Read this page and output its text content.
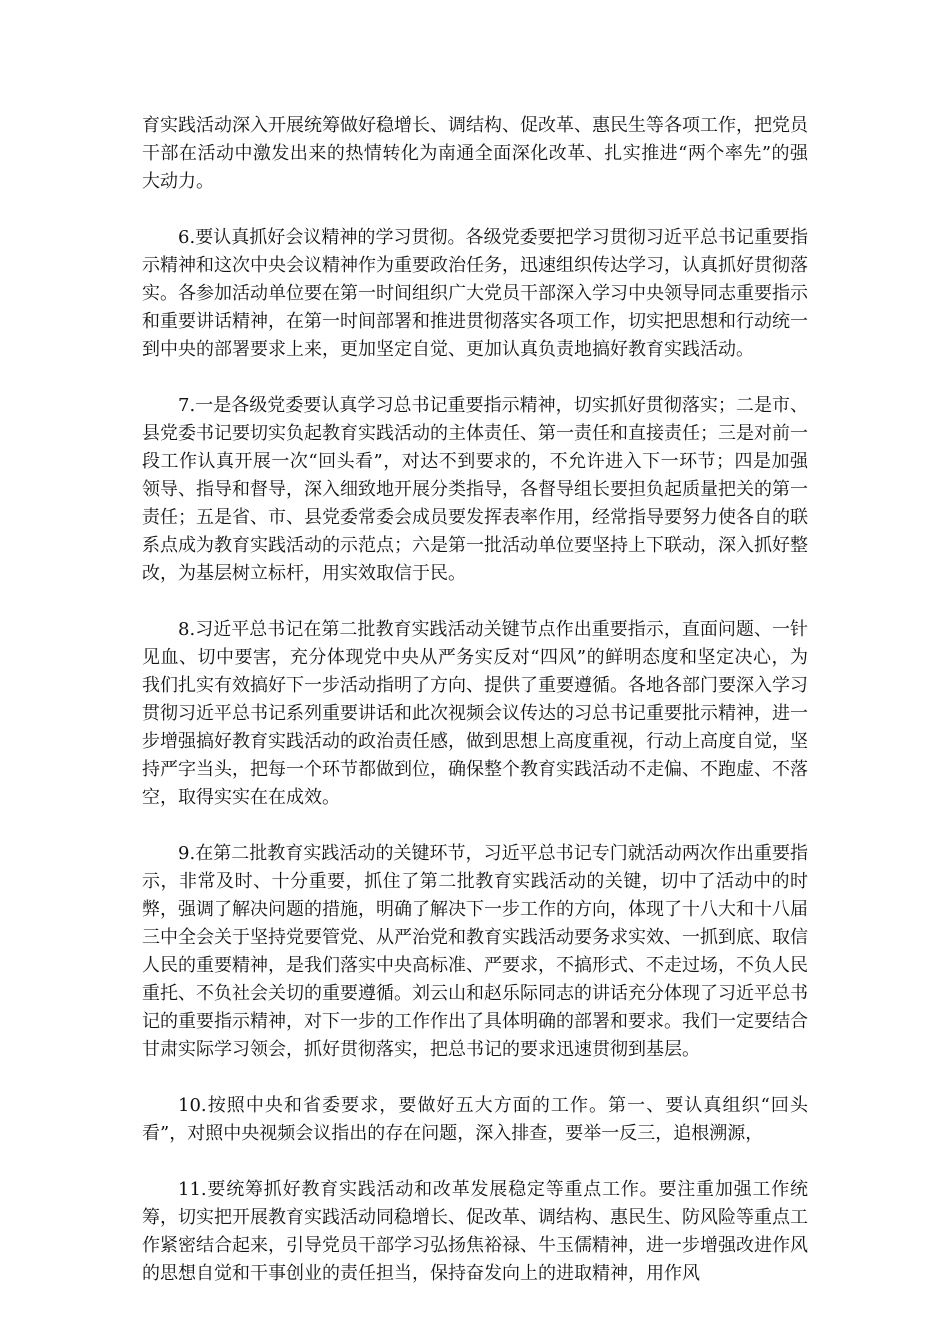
育实践活动深入开展统筹做好稳增长、调结构、促改革、惠民生等各项工作，把党员干部在活动中激发出来的热情转化为南通全面深化改革、扎实推进“两个率先”的强大动力。

6.要认真抓好会议精神的学习贯彻。各级党委要把学习贯彻习近平总书记重要指示精神和这次中央会议精神作为重要政治任务，迅速组织传达学习，认真抓好贯彻落实。各参加活动单位要在第一时间组织广大党员干部深入学习中央领导同志重要指示和重要讲话精神，在第一时间部署和推进贯彻落实各项工作，切实把思想和行动统一到中央的部署要求上来，更加坚定自觉、更加认真负责地搞好教育实践活动。

7.一是各级党委要认真学习总书记重要指示精神，切实抓好贯彻落实；二是市、县党委书记要切实负起教育实践活动的主体责任、第一责任和直接责任；三是对前一段工作认真开展一次“回头看”，对达不到要求的，不允许进入下一环节；四是加强领导、指导和督导，深入细致地开展分类指导，各督导组长要担负起质量把关的第一责任；五是省、市、县党委常委会成员要发挥表率作用，经常指导要努力使各自的联系点成为教育实践活动的示范点；六是第一批活动单位要坚持上下联动，深入抓好整改，为基层树立标杆，用实效取信于民。

8.习近平总书记在第二批教育实践活动关键节点作出重要指示，直面问题、一针见血、切中要害，充分体现党中央从严务实反对“四风”的鲜明态度和坚定决心，为我们扎实有效搞好下一步活动指明了方向、提供了重要遵循。各地各部门要深入学习贯彻习近平总书记系列重要讲话和此次视频会议传达的习总书记重要批示精神，进一步增强搞好教育实践活动的政治责任感，做到思想上高度重视，行动上高度自觉，坚持严字当头，把每一个环节都做到位，确保整个教育实践活动不走偏、不跑虚、不落空，取得实实在在成效。

9.在第二批教育实践活动的关键环节，习近平总书记专门就活动两次作出重要指示，非常及时、十分重要，抓住了第二批教育实践活动的关键，切中了活动中的时弊，强调了解决问题的措施，明确了解决下一步工作的方向，体现了十八大和十八届三中全会关于坚持党要管党、从严治党和教育实践活动要务求实效、一抓到底、取信人民的重要精神，是我们落实中央高标准、严要求，不搞形式、不走过场，不负人民重托、不负社会关切的重要遵循。刘云山和赵乐际同志的讲话充分体现了习近平总书记的重要指示精神，对下一步的工作作出了具体明确的部署和要求。我们一定要结合甘肃实际学习领会，抓好贯彻落实，把总书记的要求迅速贯彻到基层。

10.按照中央和省委要求，要做好五大方面的工作。第一、要认真组织“回头看”，对照中央视频会议指出的存在问题，深入排查，要举一反三，追根溯源，

11.要统筹抓好教育实践活动和改革发展稳定等重点工作。要注重加强工作统筹，切实把开展教育实践活动同稳增长、促改革、调结构、惠民生、防风险等重点工作紧密结合起来，引导党员干部学习弘扬焦裕禄、牛玉儒精神，进一步增强改进作风的思想自觉和干事创业的责任担当，保持奋发向上的进取精神，用作风
